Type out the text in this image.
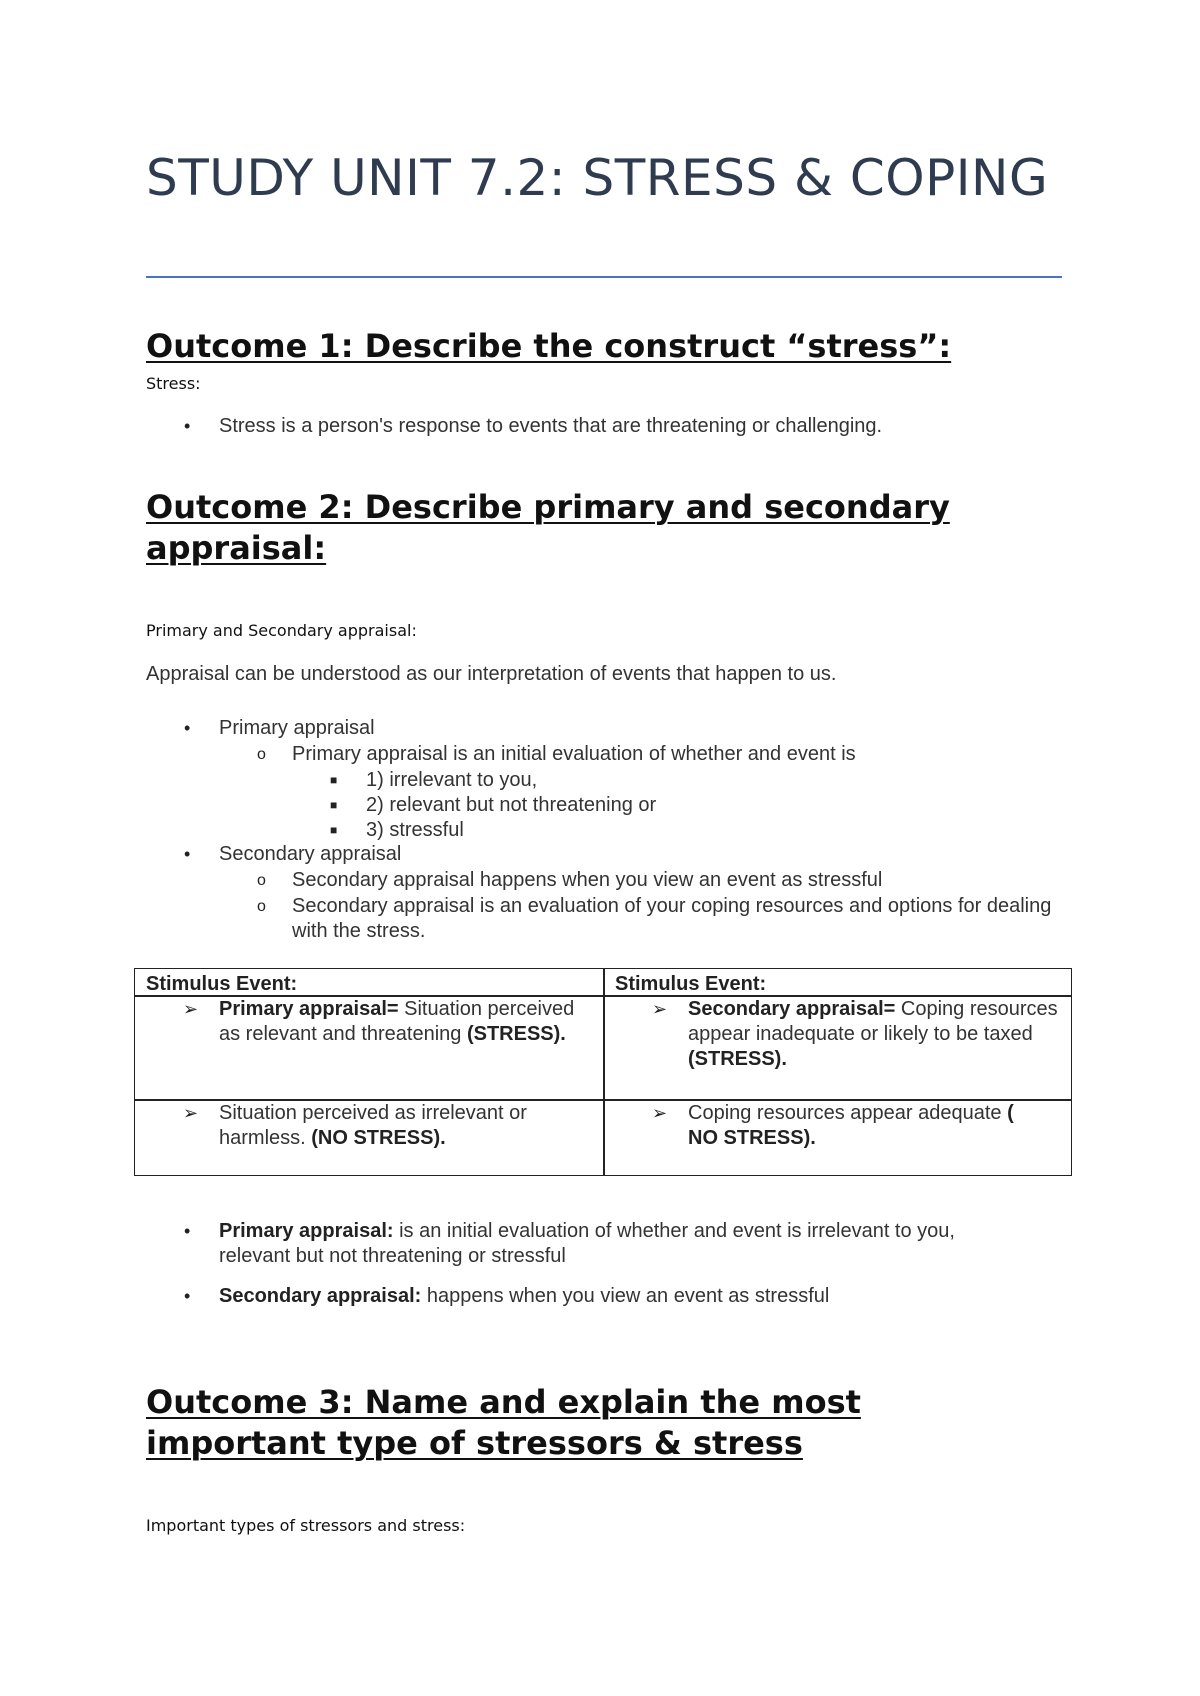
STUDY UNIT 7.2: STRESS & COPING
Outcome 1: Describe the construct “stress”:
Stress:
• Stress is a person's response to events that are threatening or challenging.
Outcome 2: Describe primary and secondary appraisal:
Primary and Secondary appraisal:
Appraisal can be understood as our interpretation of events that happen to us.
• Primary appraisal
o Primary appraisal is an initial evaluation of whether and event is
■ 1) irrelevant to you,
■ 2) relevant but not threatening or
■ 3) stressful
• Secondary appraisal
o Secondary appraisal happens when you view an event as stressful
o Secondary appraisal is an evaluation of your coping resources and options for dealing with the stress.
Stimulus Event:	Stimulus Event:
➢ Primary appraisal= Situation perceived as relevant and threatening (STRESS).
➢ Secondary appraisal= Coping resources appear inadequate or likely to be taxed (STRESS).
➢ Situation perceived as irrelevant or harmless. (NO STRESS).
➢ Coping resources appear adequate ( NO STRESS).
• Primary appraisal: is an initial evaluation of whether and event is irrelevant to you, relevant but not threatening or stressful
• Secondary appraisal: happens when you view an event as stressful
Outcome 3: Name and explain the most important type of stressors & stress
Important types of stressors and stress:
